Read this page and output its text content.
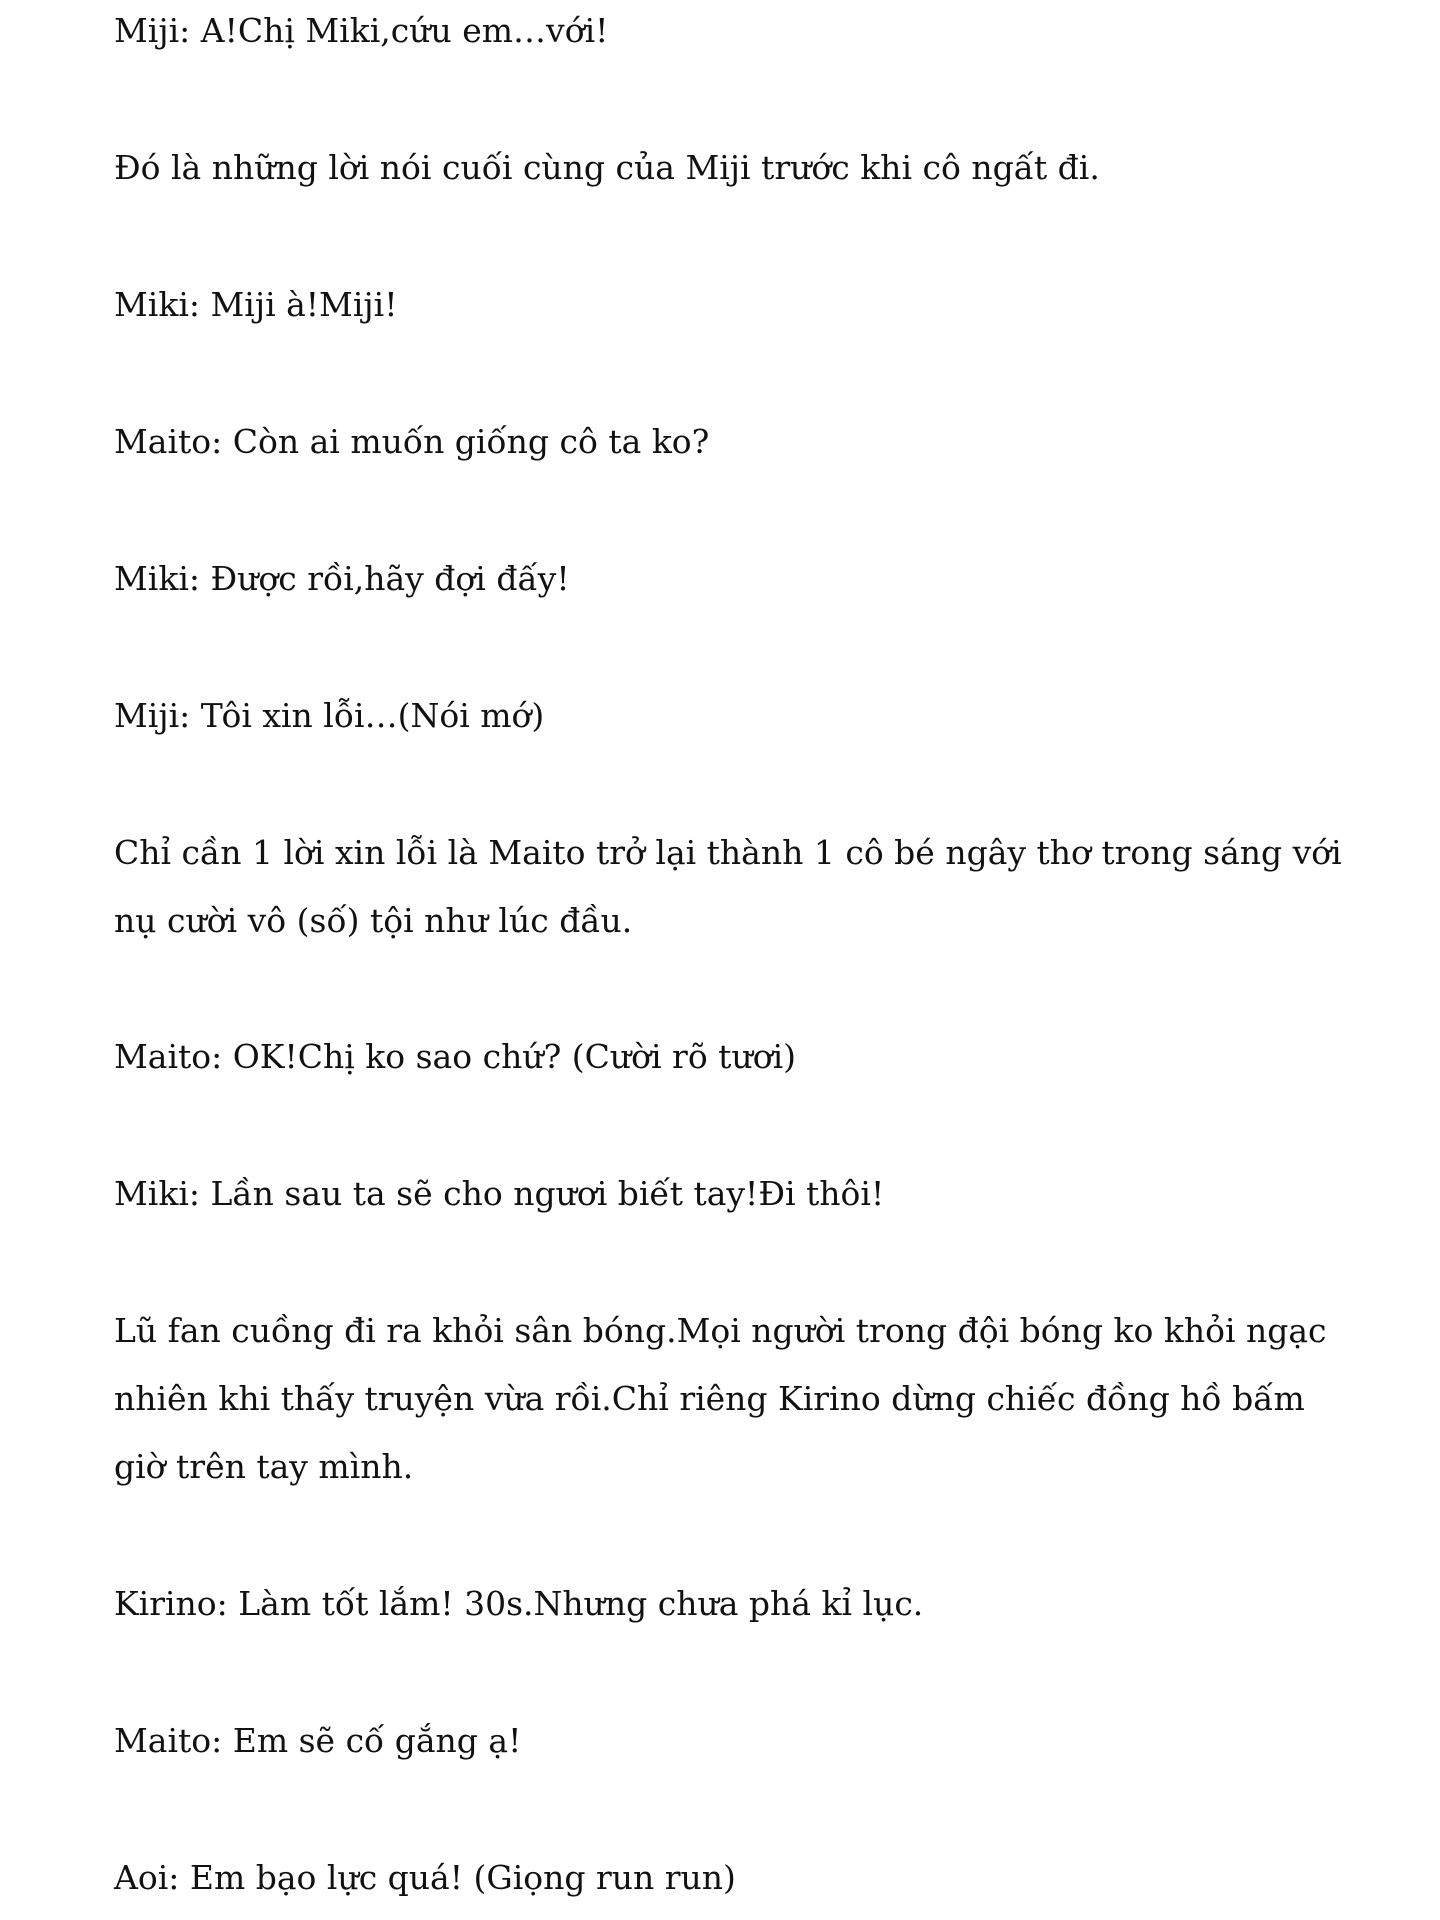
Miji: A!Chị Miki,cứu em…với!

Đó là những lời nói cuối cùng của Miji trước khi cô ngất đi.

Miki: Miji à!Miji!

Maito: Còn ai muốn giống cô ta ko?

Miki: Được rồi,hãy đợi đấy!

Miji: Tôi xin lỗi…(Nói mớ)

Chỉ cần 1 lời xin lỗi là Maito trở lại thành 1 cô bé ngây thơ trong sáng với nụ cười vô (số) tội như lúc đầu.

Maito: OK!Chị ko sao chứ? (Cười rõ tươi)

Miki: Lần sau ta sẽ cho ngươi biết tay!Đi thôi!

Lũ fan cuồng đi ra khỏi sân bóng.Mọi người trong đội bóng ko khỏi ngạc nhiên khi thấy truyện vừa rồi.Chỉ riêng Kirino dừng chiếc đồng hồ bấm giờ trên tay mình.

Kirino: Làm tốt lắm! 30s.Nhưng chưa phá kỉ lục.

Maito: Em sẽ cố gắng ạ!

Aoi: Em bạo lực quá! (Giọng run run)
